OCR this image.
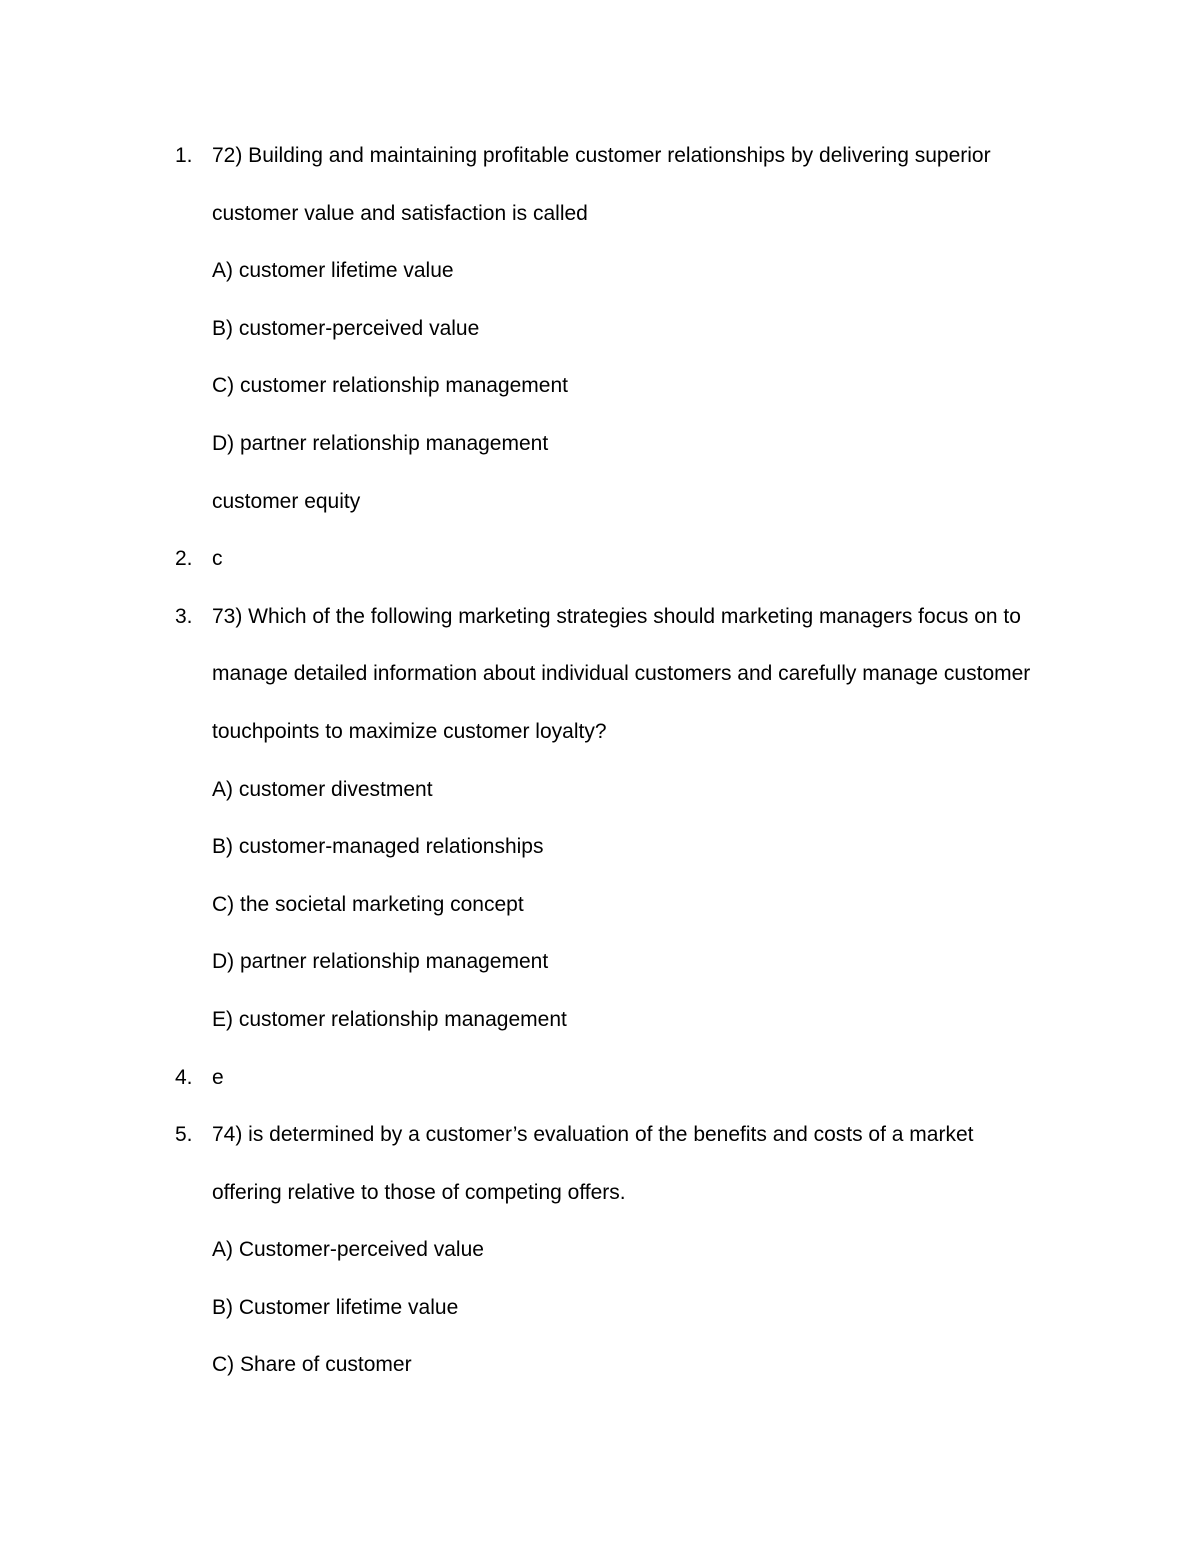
1. 72) Building and maintaining profitable customer relationships by delivering superior
customer value and satisfaction is called
A) customer lifetime value
B) customer-perceived value
C) customer relationship management
D) partner relationship management
customer equity
2. c
3. 73) Which of the following marketing strategies should marketing managers focus on to
manage detailed information about individual customers and carefully manage customer
touchpoints to maximize customer loyalty?
A) customer divestment
B) customer-managed relationships
C) the societal marketing concept
D) partner relationship management
E) customer relationship management
4. e
5. 74) is determined by a customer’s evaluation of the benefits and costs of a market
offering relative to those of competing offers.
A) Customer-perceived value
B) Customer lifetime value
C) Share of customer
